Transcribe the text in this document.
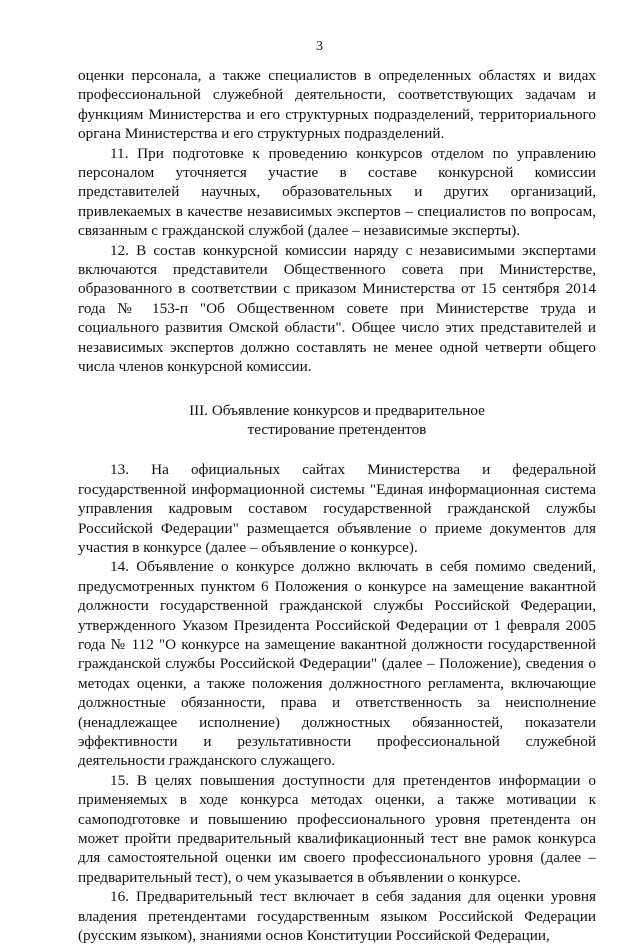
3

оценки персонала, а также специалистов в определенных областях и видах профессиональной служебной деятельности, соответствующих задачам и функциям Министерства и его структурных подразделений, территориального органа Министерства и его структурных подразделений.

11. При подготовке к проведению конкурсов отделом по управлению персоналом уточняется участие в составе конкурсной комиссии представителей научных, образовательных и других организаций, привлекаемых в качестве независимых экспертов – специалистов по вопросам, связанным с гражданской службой (далее – независимые эксперты).

12. В состав конкурсной комиссии наряду с независимыми экспертами включаются представители Общественного совета при Министерстве, образованного в соответствии с приказом Министерства от 15 сентября 2014 года № 153-п "Об Общественном совете при Министерстве труда и социального развития Омской области". Общее число этих представителей и независимых экспертов должно составлять не менее одной четверти общего числа членов конкурсной комиссии.

III. Объявление конкурсов и предварительное
тестирование претендентов

13. На официальных сайтах Министерства и федеральной государственной информационной системы "Единая информационная система управления кадровым составом государственной гражданской службы Российской Федерации" размещается объявление о приеме документов для участия в конкурсе (далее – объявление о конкурсе).

14. Объявление о конкурсе должно включать в себя помимо сведений, предусмотренных пунктом 6 Положения о конкурсе на замещение вакантной должности государственной гражданской службы Российской Федерации, утвержденного Указом Президента Российской Федерации от 1 февраля 2005 года № 112 "О конкурсе на замещение вакантной должности государственной гражданской службы Российской Федерации" (далее – Положение), сведения о методах оценки, а также положения должностного регламента, включающие должностные обязанности, права и ответственность за неисполнение (ненадлежащее исполнение) должностных обязанностей, показатели эффективности и результативности профессиональной служебной деятельности гражданского служащего.

15. В целях повышения доступности для претендентов информации о применяемых в ходе конкурса методах оценки, а также мотивации к самоподготовке и повышению профессионального уровня претендента он может пройти предварительный квалификационный тест вне рамок конкурса для самостоятельной оценки им своего профессионального уровня (далее – предварительный тест), о чем указывается в объявлении о конкурсе.

16. Предварительный тест включает в себя задания для оценки уровня владения претендентами государственным языком Российской Федерации (русским языком), знаниями основ Конституции Российской Федерации,
